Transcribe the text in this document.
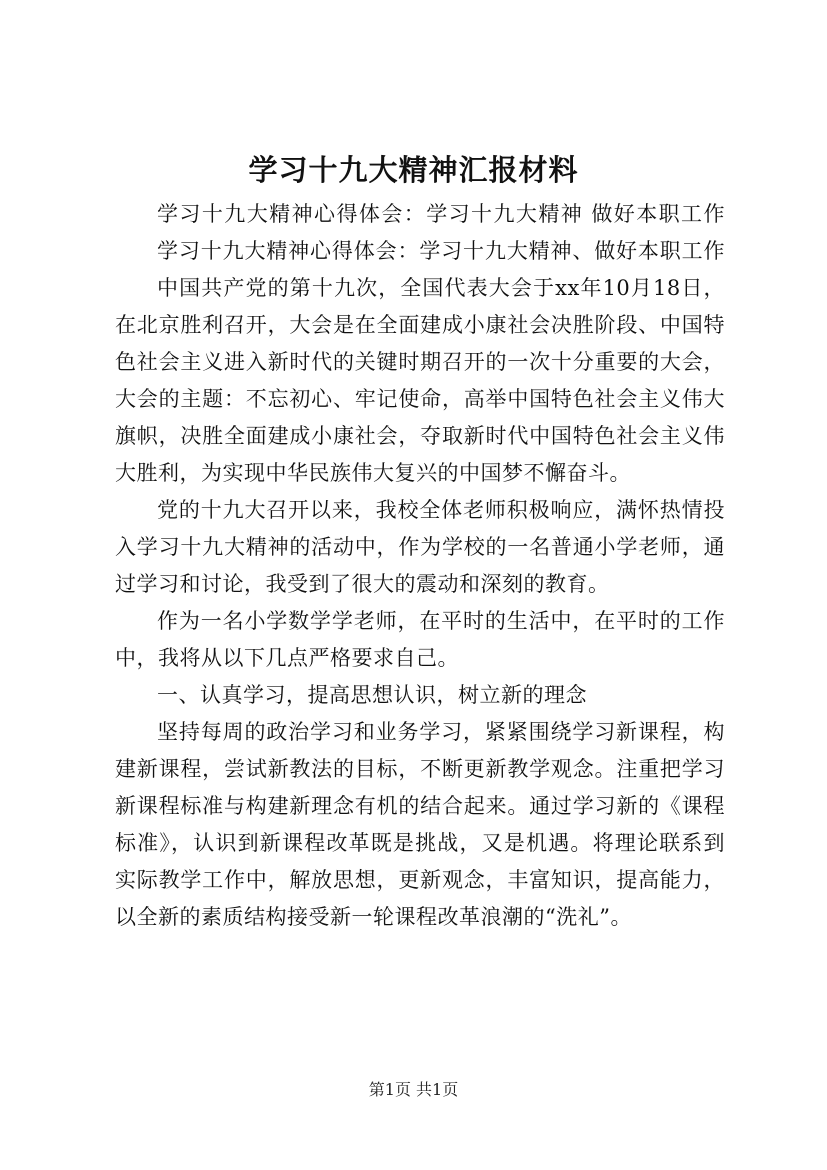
学习十九大精神汇报材料
学习十九大精神心得体会：学习十九大精神 做好本职工作
学习十九大精神心得体会：学习十九大精神、做好本职工作
中国共产党的第十九次，全国代表大会于xx年10月18日，
在北京胜利召开，大会是在全面建成小康社会决胜阶段、中国特
色社会主义进入新时代的关键时期召开的一次十分重要的大会，
大会的主题：不忘初心、牢记使命，高举中国特色社会主义伟大
旗帜，决胜全面建成小康社会，夺取新时代中国特色社会主义伟
大胜利，为实现中华民族伟大复兴的中国梦不懈奋斗。
党的十九大召开以来，我校全体老师积极响应，满怀热情投
入学习十九大精神的活动中，作为学校的一名普通小学老师，通
过学习和讨论，我受到了很大的震动和深刻的教育。
作为一名小学数学学老师，在平时的生活中，在平时的工作
中，我将从以下几点严格要求自己。
一、认真学习，提高思想认识，树立新的理念
坚持每周的政治学习和业务学习，紧紧围绕学习新课程，构
建新课程，尝试新教法的目标，不断更新教学观念。注重把学习
新课程标准与构建新理念有机的结合起来。通过学习新的《课程
标准》，认识到新课程改革既是挑战，又是机遇。将理论联系到
实际教学工作中，解放思想，更新观念，丰富知识，提高能力，
以全新的素质结构接受新一轮课程改革浪潮的“洗礼”。
第1页 共1页
